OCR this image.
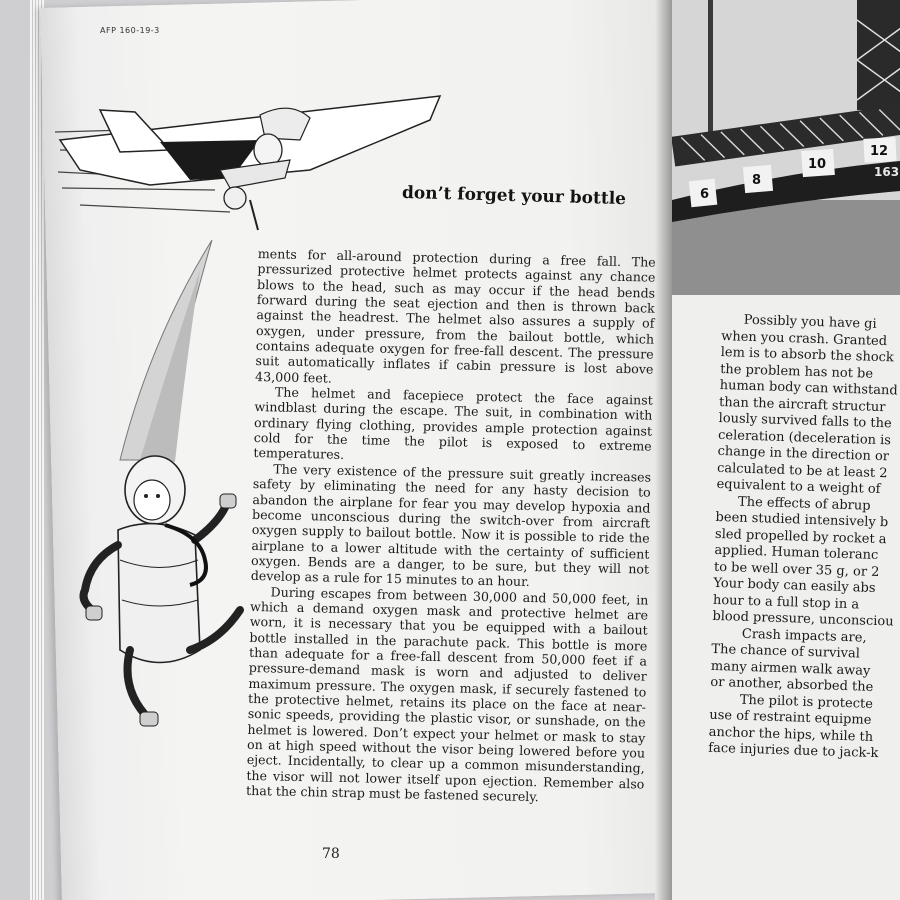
6
8
10
12
163
AFP 160-19-3
don’t forget your bottle

ments for all-around protection during a free fall. The pressurized protective helmet protects against any chance blows to the head, such as may occur if the head bends forward during the seat ejection and then is thrown back against the headrest. The helmet also assures a supply of oxygen, under pressure, from the bailout bottle, which contains adequate oxygen for free-fall descent. The pressure suit automatically inflates if cabin pressure is lost above 43,000 feet.

The helmet and facepiece protect the face against windblast during the escape. The suit, in combination with ordinary flying clothing, provides ample protection against cold for the time the pilot is exposed to extreme temperatures.

The very existence of the pressure suit greatly increases safety by eliminating the need for any hasty decision to abandon the airplane for fear you may develop hypoxia and become unconscious during the switch-over from aircraft oxygen supply to bailout bottle. Now it is possible to ride the airplane to a lower altitude with the certainty of sufficient oxygen. Bends are a danger, to be sure, but they will not develop as a rule for 15 minutes to an hour.

During escapes from between 30,000 and 50,000 feet, in which a demand oxygen mask and protective helmet are worn, it is necessary that you be equipped with a bailout bottle installed in the parachute pack. This bottle is more than adequate for a free-fall descent from 50,000 feet if a pressure-demand mask is worn and adjusted to deliver maximum pressure. The oxygen mask, if securely fastened to the protective helmet, retains its place on the face at near-sonic speeds, providing the plastic visor, or sunshade, on the helmet is lowered. Don’t expect your helmet or mask to stay on at high speed without the visor being lowered before you eject. Incidentally, to clear up a common misunderstanding, the visor will not lower itself upon ejection. Remember also that the chin strap must be fastened securely.

78
Possibly you have gi
when you crash. Granted
lem is to absorb the shock
the problem has not be
human body can withstand
than the aircraft structur
lously survived falls to the
celeration (deceleration is
change in the direction or
calculated to be at least 2
equivalent to a weight of
The effects of abrup
been studied intensively b
sled propelled by rocket a
applied. Human toleranc
to be well over 35 g, or 2
Your body can easily abs
hour to a full stop in a
blood pressure, unconsciou
Crash impacts are,
The chance of survival
many airmen walk away
or another, absorbed the
The pilot is protecte
use of restraint equipme
anchor the hips, while th
face injuries due to jack-k
